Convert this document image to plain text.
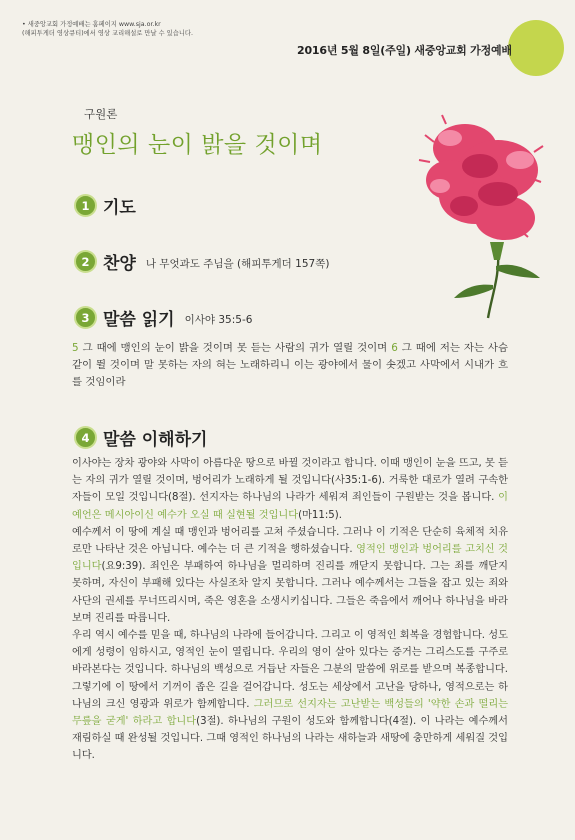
• 새중앙교회 가정예배는 홈페이지 www.sja.or.kr
(해피투게더 영상큐티)에서 영상 교리해설로 만날 수 있습니다.
2016년 5월 8일(주일) 새중앙교회 가정예배
구원론
맹인의 눈이 밝을 것이며
1 기도
2 찬양 나 무엇과도 주님을 (해피투게더 157쪽)
3 말씀 읽기 이사야 35:5-6
5 그 때에 맹인의 눈이 밝을 것이며 못 듣는 사람의 귀가 열릴 것이며 6 그 때에 저는 자는 사슴 같이 뛸 것이며 말 못하는 자의 혀는 노래하리니 이는 광야에서 물이 솟겠고 사막에서 시내가 흐를 것임이라
4 말씀 이해하기

이사야는 장차 광야와 사막이 아름다운 땅으로 바뀔 것이라고 합니다. 이때 맹인이 눈을 뜨고, 못 듣는 자의 귀가 열릴 것이며, 벙어리가 노래하게 될 것입니다(사35:1-6). 거룩한 대로가 열려 구속한 자들이 모일 것입니다(8절). 선지자는 하나님의 나라가 세워져 죄인들이 구원받는 것을 봅니다. 이 예언은 메시아이신 예수가 오실 때 실현될 것입니다(마11:5).

예수께서 이 땅에 계실 때 맹인과 벙어리를 고쳐 주셨습니다. 그러나 이 기적은 단순히 육체적 치유로만 나타난 것은 아닙니다. 예수는 더 큰 기적을 행하셨습니다. 영적인 맹인과 벙어리를 고치신 것입니다(요9:39). 죄인은 부패하여 하나님을 멀리하며 진리를 깨닫지 못합니다. 그는 죄를 깨닫지 못하며, 자신이 부패해 있다는 사실조차 알지 못합니다. 그러나 예수께서는 그들을 잡고 있는 죄와 사단의 권세를 무너뜨리시며, 죽은 영혼을 소생시키십니다. 그들은 죽음에서 깨어나 하나님을 바라보며 진리를 따릅니다.

우리 역시 예수를 믿을 때, 하나님의 나라에 들어갑니다. 그리고 이 영적인 회복을 경험합니다. 성도에게 성령이 임하시고, 영적인 눈이 열립니다. 우리의 영이 살아 있다는 증거는 그리스도를 구주로 바라본다는 것입니다. 하나님의 백성으로 거듭난 자들은 그분의 말씀에 위로를 받으며 복종합니다. 그렇기에 이 땅에서 기꺼이 좁은 길을 걸어갑니다. 성도는 세상에서 고난을 당하나, 영적으로는 하나님의 크신 영광과 위로가 함께합니다. 그러므로 선지자는 고난받는 백성들의 '약한 손과 떨리는 무릎을 굳게' 하라고 합니다(3절). 하나님의 구원이 성도와 함께합니다(4절). 이 나라는 예수께서 재림하실 때 완성될 것입니다. 그때 영적인 하나님의 나라는 새하늘과 새땅에 충만하게 세워질 것입니다.
